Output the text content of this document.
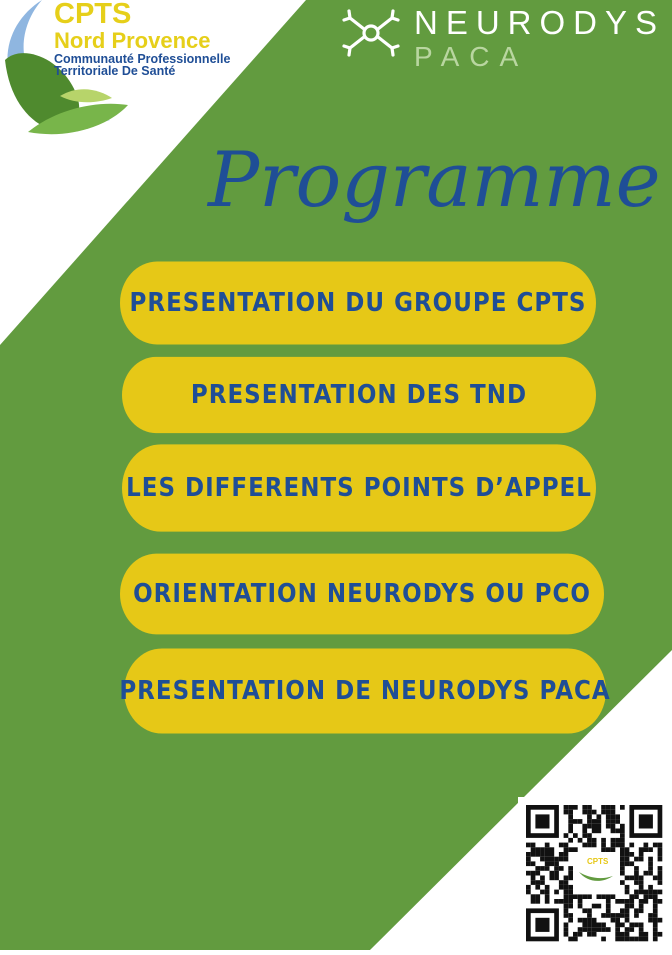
CPTS
Nord Provence
Communauté Professionnelle
Territoriale De Santé
NEURODYS
PACA
Programme
PRESENTATION DU GROUPE CPTS
PRESENTATION DES TND
LES DIFFERENTS POINTS D’APPEL
ORIENTATION NEURODYS OU PCO
PRESENTATION DE NEURODYS PACA
CPTS
